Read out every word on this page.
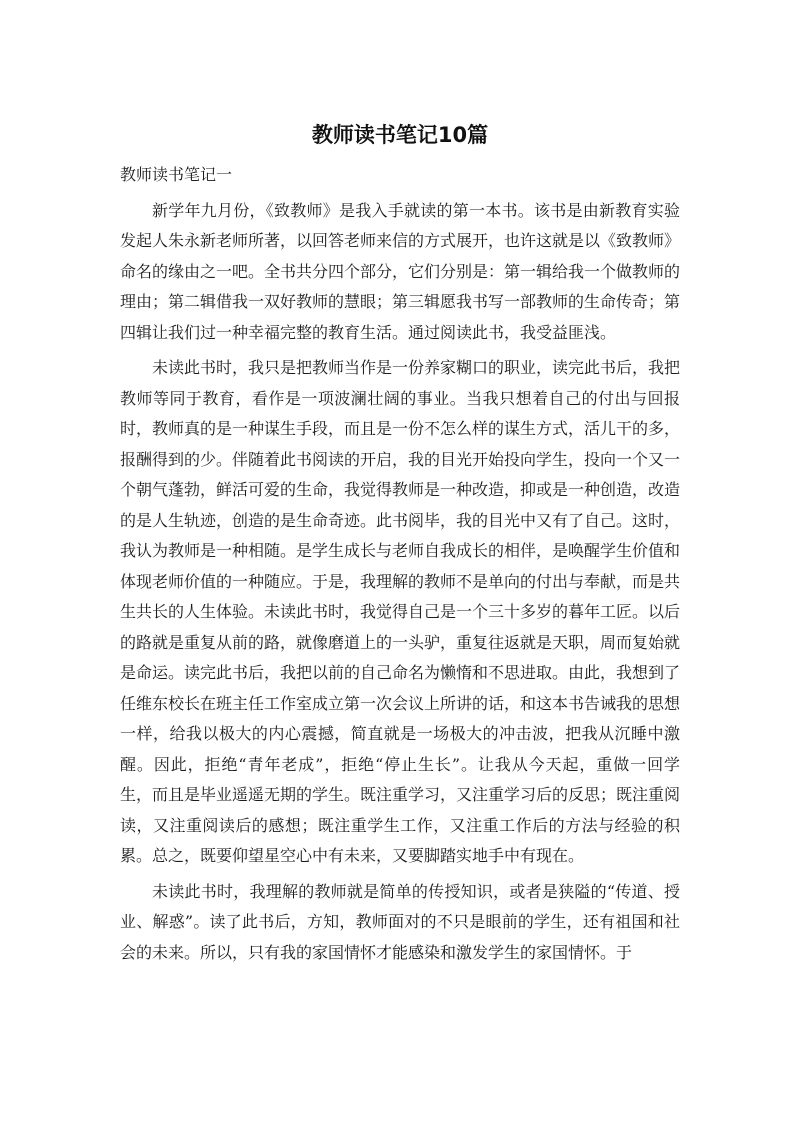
教师读书笔记10篇
教师读书笔记一

新学年九月份，《致教师》是我入手就读的第一本书。该书是由新教育实验发起人朱永新老师所著，以回答老师来信的方式展开，也许这就是以《致教师》命名的缘由之一吧。全书共分四个部分，它们分别是：第一辑给我一个做教师的理由；第二辑借我一双好教师的慧眼；第三辑愿我书写一部教师的生命传奇；第四辑让我们过一种幸福完整的教育生活。通过阅读此书，我受益匪浅。

未读此书时，我只是把教师当作是一份养家糊口的职业，读完此书后，我把教师等同于教育，看作是一项波澜壮阔的事业。当我只想着自己的付出与回报时，教师真的是一种谋生手段，而且是一份不怎么样的谋生方式，活儿干的多，报酬得到的少。伴随着此书阅读的开启，我的目光开始投向学生，投向一个又一个朝气蓬勃，鲜活可爱的生命，我觉得教师是一种改造，抑或是一种创造，改造的是人生轨迹，创造的是生命奇迹。此书阅毕，我的目光中又有了自己。这时，我认为教师是一种相随。是学生成长与老师自我成长的相伴，是唤醒学生价值和体现老师价值的一种随应。于是，我理解的教师不是单向的付出与奉献，而是共生共长的人生体验。未读此书时，我觉得自己是一个三十多岁的暮年工匠。以后的路就是重复从前的路，就像磨道上的一头驴，重复往返就是天职，周而复始就是命运。读完此书后，我把以前的自己命名为懒惰和不思进取。由此，我想到了任维东校长在班主任工作室成立第一次会议上所讲的话，和这本书告诫我的思想一样，给我以极大的内心震撼，简直就是一场极大的冲击波，把我从沉睡中激醒。因此，拒绝“青年老成”，拒绝“停止生长”。让我从今天起，重做一回学生，而且是毕业遥遥无期的学生。既注重学习，又注重学习后的反思；既注重阅读，又注重阅读后的感想；既注重学生工作，又注重工作后的方法与经验的积累。总之，既要仰望星空心中有未来，又要脚踏实地手中有现在。

未读此书时，我理解的教师就是简单的传授知识，或者是狭隘的“传道、授业、解惑”。读了此书后，方知，教师面对的不只是眼前的学生，还有祖国和社会的未来。所以，只有我的家国情怀才能感染和激发学生的家国情怀。于
